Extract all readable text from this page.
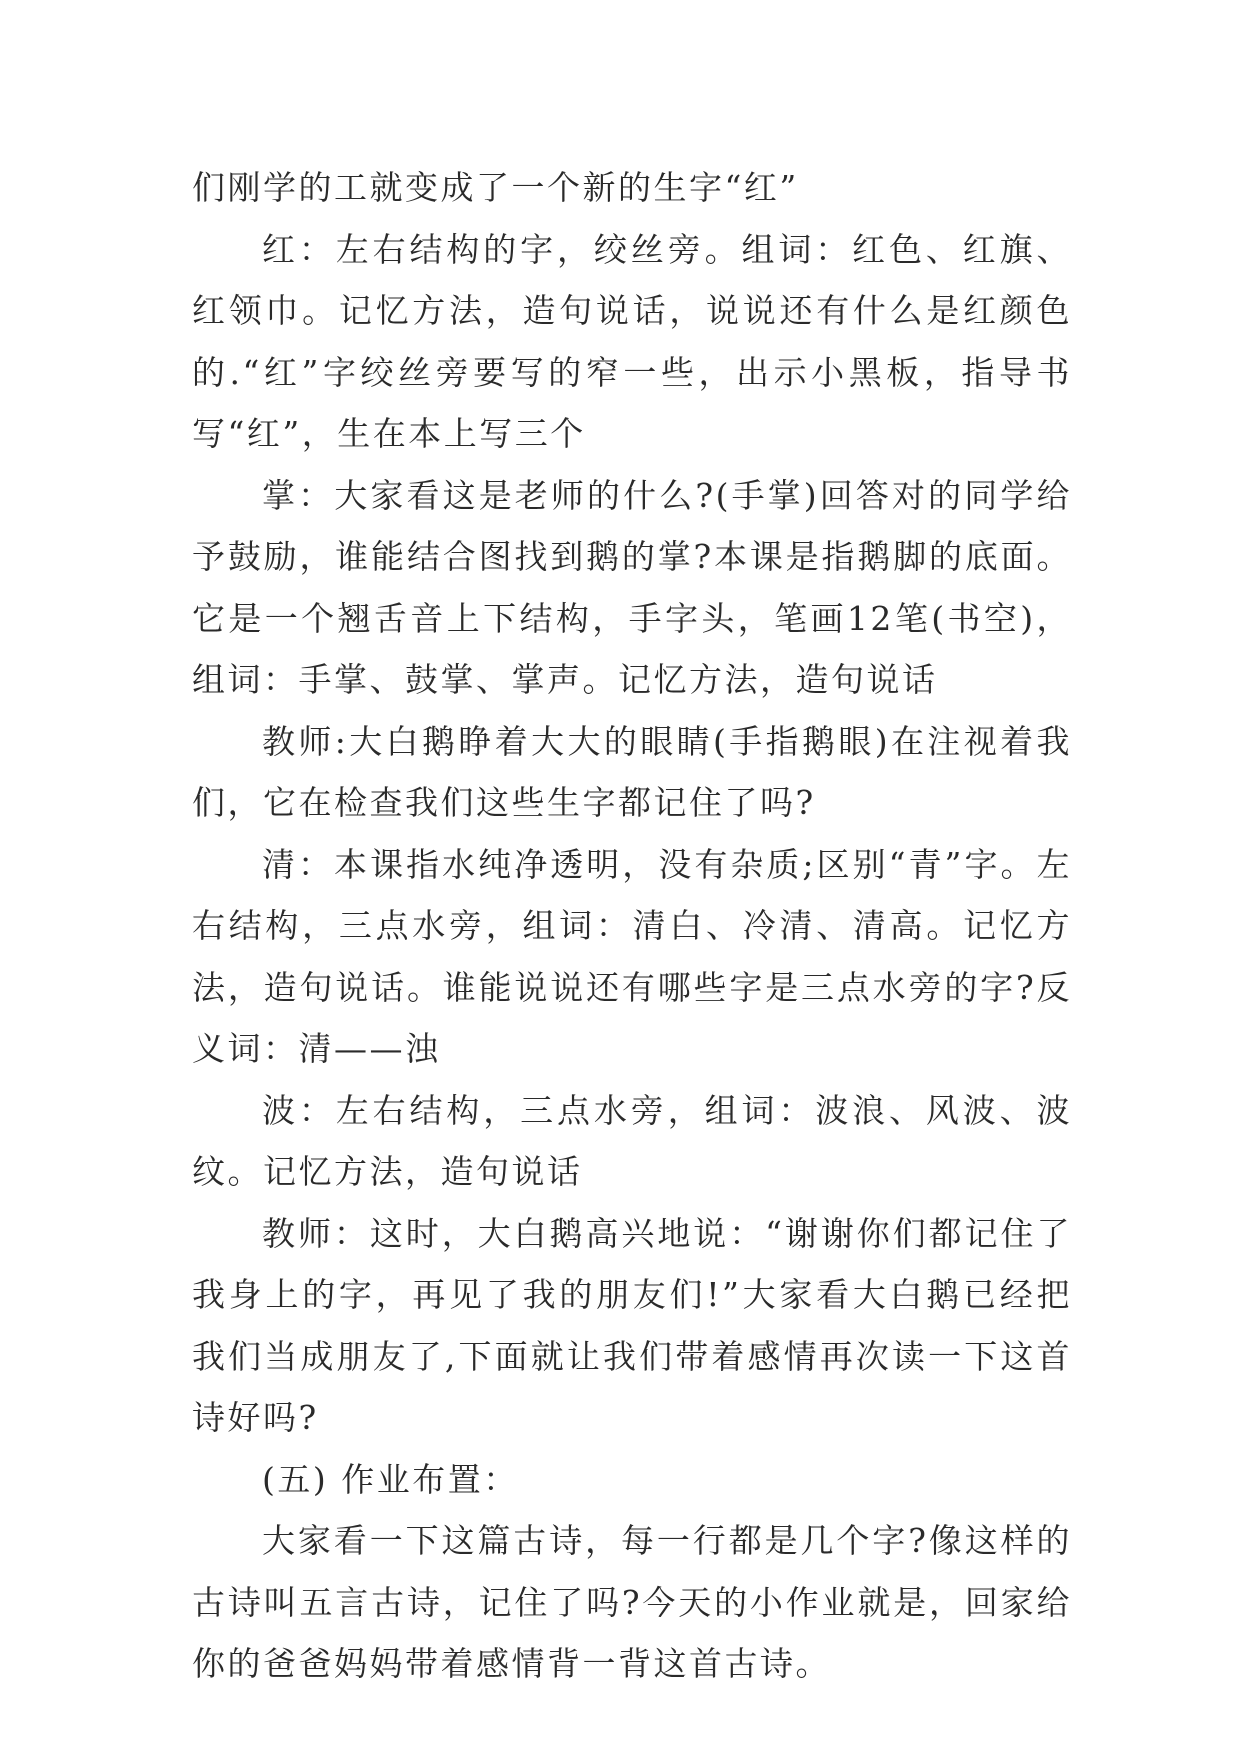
们刚学的工就变成了一个新的生字“红”

红：左右结构的字，绞丝旁。组词：红色、红旗、红领巾。记忆方法，造句说话，说说还有什么是红颜色的.“红”字绞丝旁要写的窄一些，出示小黑板，指导书写“红”，生在本上写三个

掌：大家看这是老师的什么?(手掌)回答对的同学给予鼓励，谁能结合图找到鹅的掌?本课是指鹅脚的底面。它是一个翘舌音上下结构，手字头，笔画12笔(书空)，组词：手掌、鼓掌、掌声。记忆方法，造句说话

教师:大白鹅睁着大大的眼睛(手指鹅眼)在注视着我们，它在检查我们这些生字都记住了吗?

清：本课指水纯净透明，没有杂质;区别“青”字。左右结构，三点水旁，组词：清白、冷清、清高。记忆方法，造句说话。谁能说说还有哪些字是三点水旁的字?反义词：清——浊

波：左右结构，三点水旁，组词：波浪、风波、波纹。记忆方法，造句说话

教师：这时，大白鹅高兴地说：“谢谢你们都记住了我身上的字，再见了我的朋友们!”大家看大白鹅已经把我们当成朋友了,下面就让我们带着感情再次读一下这首诗好吗?

(五) 作业布置：

大家看一下这篇古诗，每一行都是几个字?像这样的古诗叫五言古诗，记住了吗?今天的小作业就是，回家给你的爸爸妈妈带着感情背一背这首古诗。
